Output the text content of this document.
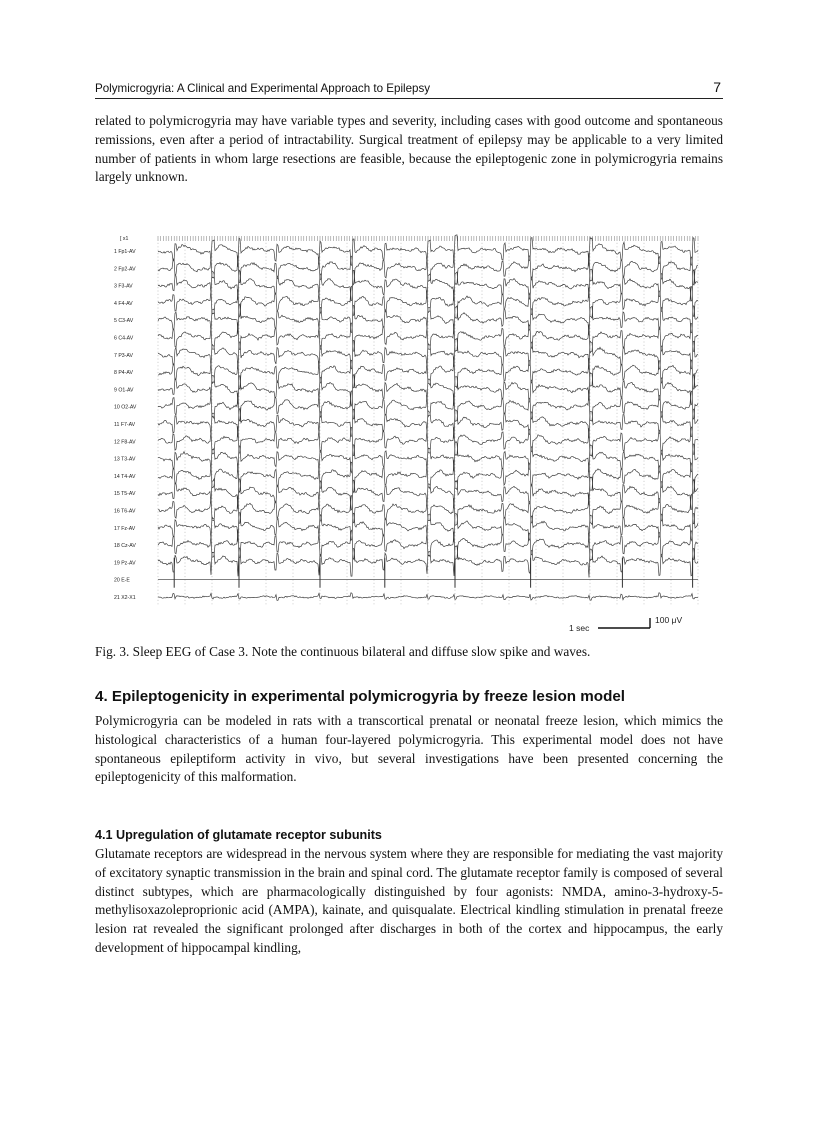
Polymicrogyria: A Clinical and Experimental Approach to Epilepsy	7

related to polymicrogyria may have variable types and severity, including cases with good outcome and spontaneous remissions, even after a period of intractability. Surgical treatment of epilepsy may be applicable to a very limited number of patients in whom large resections are feasible, because the epileptogenic zone in polymicrogyria remains largely unknown.

[ x1
1 Fp1-AV
2 Fp2-AV
3 F3-AV
4 F4-AV
5 C3-AV
6 C4-AV
7 P3-AV
8 P4-AV
9 O1-AV
10 O2-AV
11 F7-AV
12 F8-AV
13 T3-AV
14 T4-AV
15 T5-AV
16 T6-AV
17 Fz-AV
18 Cz-AV
19 Pz-AV
20 E-E
21 X2-X1
1 sec
100 μV
Fig. 3. Sleep EEG of Case 3. Note the continuous bilateral and diffuse slow spike and waves.
4. Epileptogenicity in experimental polymicrogyria by freeze lesion model

Polymicrogyria can be modeled in rats with a transcortical prenatal or neonatal freeze lesion, which mimics the histological characteristics of a human four-layered polymicrogyria. This experimental model does not have spontaneous epileptiform activity in vivo, but several investigations have been presented concerning the epileptogenicity of this malformation.

4.1 Upregulation of glutamate receptor subunits

Glutamate receptors are widespread in the nervous system where they are responsible for mediating the vast majority of excitatory synaptic transmission in the brain and spinal cord. The glutamate receptor family is composed of several distinct subtypes, which are pharmacologically distinguished by four agonists: NMDA, amino-3-hydroxy-5-methylisoxazoleproprionic acid (AMPA), kainate, and quisqualate. Electrical kindling stimulation in prenatal freeze lesion rat revealed the significant prolonged after discharges in both of the cortex and hippocampus, the early development of hippocampal kindling,
